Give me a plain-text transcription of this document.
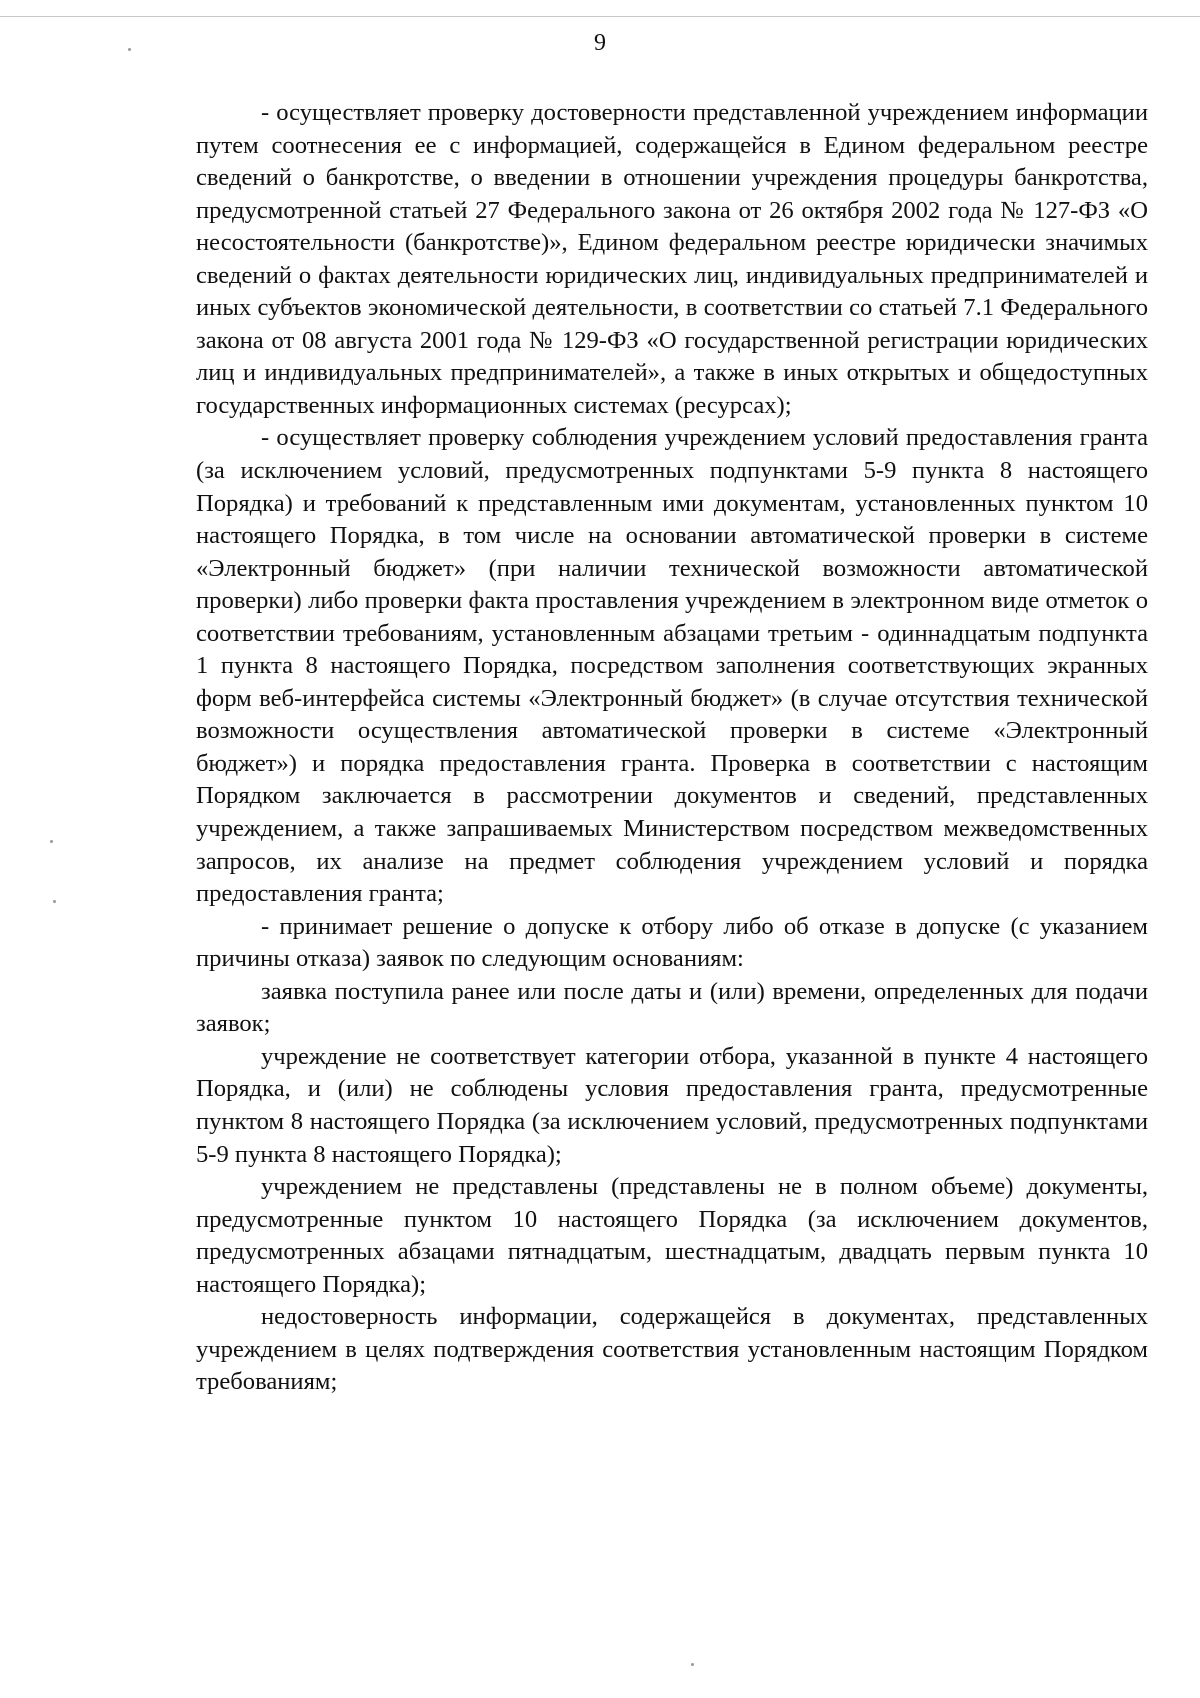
9

- осуществляет проверку достоверности представленной учреждением информации путем соотнесения ее с информацией, содержащейся в Едином федеральном реестре сведений о банкротстве, о введении в отношении учреждения процедуры банкротства, предусмотренной статьей 27 Федерального закона от 26 октября 2002 года № 127-ФЗ «О несостоятельности (банкротстве)», Едином федеральном реестре юридически значимых сведений о фактах деятельности юридических лиц, индивидуальных предпринимателей и иных субъектов экономической деятельности, в соответствии со статьей 7.1 Федерального закона от 08 августа 2001 года № 129-ФЗ «О государственной регистрации юридических лиц и индивидуальных предпринимателей», а также в иных открытых и общедоступных государственных информационных системах (ресурсах);

- осуществляет проверку соблюдения учреждением условий предоставления гранта (за исключением условий, предусмотренных подпунктами 5-9 пункта 8 настоящего Порядка) и требований к представленным ими документам, установленных пунктом 10 настоящего Порядка, в том числе на основании автоматической проверки в системе «Электронный бюджет» (при наличии технической возможности автоматической проверки) либо проверки факта проставления учреждением в электронном виде отметок о соответствии требованиям, установленным абзацами третьим - одиннадцатым подпункта 1 пункта 8 настоящего Порядка, посредством заполнения соответствующих экранных форм веб-интерфейса системы «Электронный бюджет» (в случае отсутствия технической возможности осуществления автоматической проверки в системе «Электронный бюджет») и порядка предоставления гранта. Проверка в соответствии с настоящим Порядком заключается в рассмотрении документов и сведений, представленных учреждением, а также запрашиваемых Министерством посредством межведомственных запросов, их анализе на предмет соблюдения учреждением условий и порядка предоставления гранта;

- принимает решение о допуске к отбору либо об отказе в допуске (с указанием причины отказа) заявок по следующим основаниям:

заявка поступила ранее или после даты и (или) времени, определенных для подачи заявок;

учреждение не соответствует категории отбора, указанной в пункте 4 настоящего Порядка, и (или) не соблюдены условия предоставления гранта, предусмотренные пунктом 8 настоящего Порядка (за исключением условий, предусмотренных подпунктами 5-9 пункта 8 настоящего Порядка);

учреждением не представлены (представлены не в полном объеме) документы, предусмотренные пунктом 10 настоящего Порядка (за исключением документов, предусмотренных абзацами пятнадцатым, шестнадцатым, двадцать первым пункта 10 настоящего Порядка);

недостоверность информации, содержащейся в документах, представленных учреждением в целях подтверждения соответствия установленным настоящим Порядком требованиям;
